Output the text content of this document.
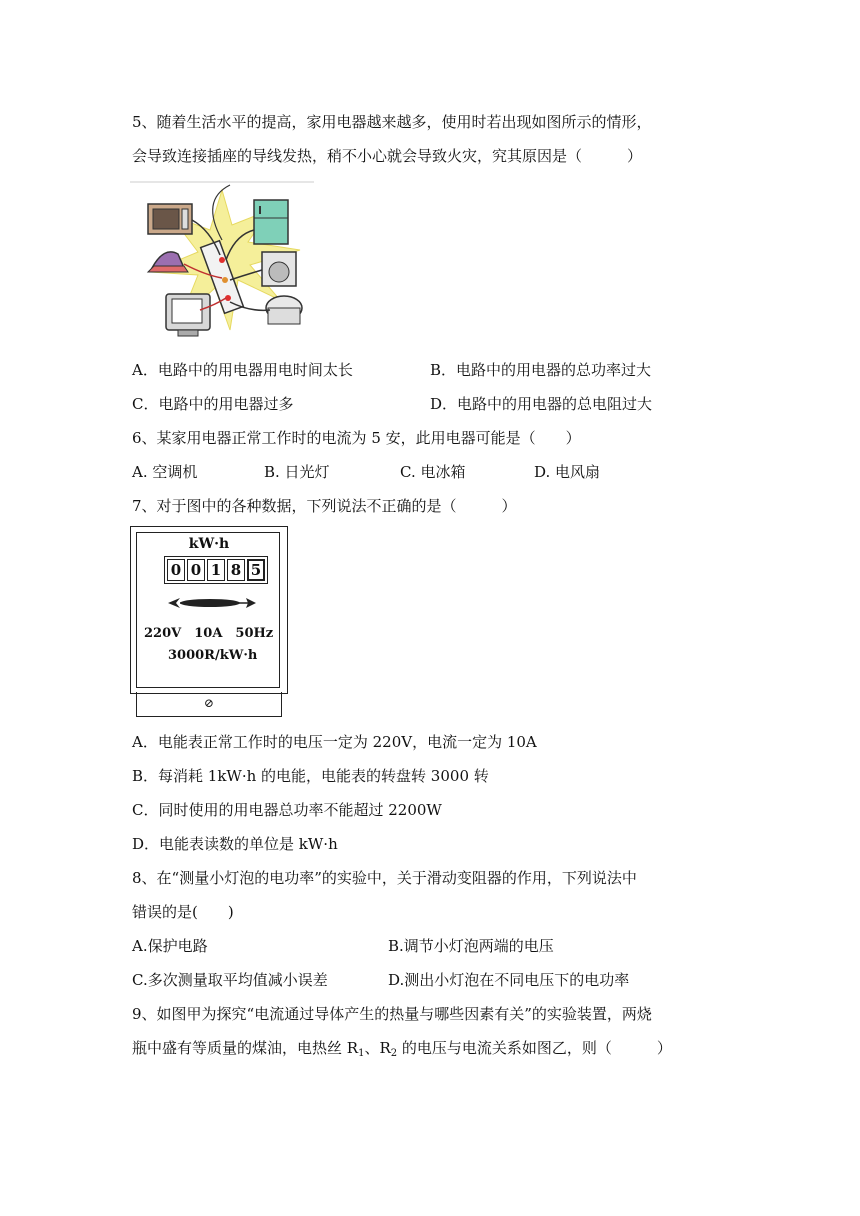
5、随着生活水平的提高，家用电器越来越多，使用时若出现如图所示的情形，
会导致连接插座的导线发热，稍不小心就会导致火灾，究其原因是（　　　）
A．电路中的用电器用电时间太长	B．电路中的用电器的总功率过大
C．电路中的用电器过多	D．电路中的用电器的总电阻过大
6、某家用电器正常工作时的电流为 5 安，此用电器可能是（　　）
A. 空调机	B. 日光灯	C. 电冰箱	D. 电风扇
7、对于图中的各种数据，下列说法不正确的是（　　　）
kW·h
0 0 1 8 5
220V　10A　50Hz
3000R/kW·h
⊘
A．电能表正常工作时的电压一定为 220V，电流一定为 10A
B．每消耗 1kW·h 的电能，电能表的转盘转 3000 转
C．同时使用的用电器总功率不能超过 2200W
D．电能表读数的单位是 kW·h
8、在“测量小灯泡的电功率”的实验中，关于滑动变阻器的作用，下列说法中
错误的是(　　)
A.保护电路	B.调节小灯泡两端的电压
C.多次测量取平均值减小误差	D.测出小灯泡在不同电压下的电功率
9、如图甲为探究“电流通过导体产生的热量与哪些因素有关”的实验装置，两烧
瓶中盛有等质量的煤油，电热丝 $R_1$、$R_2$ 的电压与电流关系如图乙，则（　　　）
